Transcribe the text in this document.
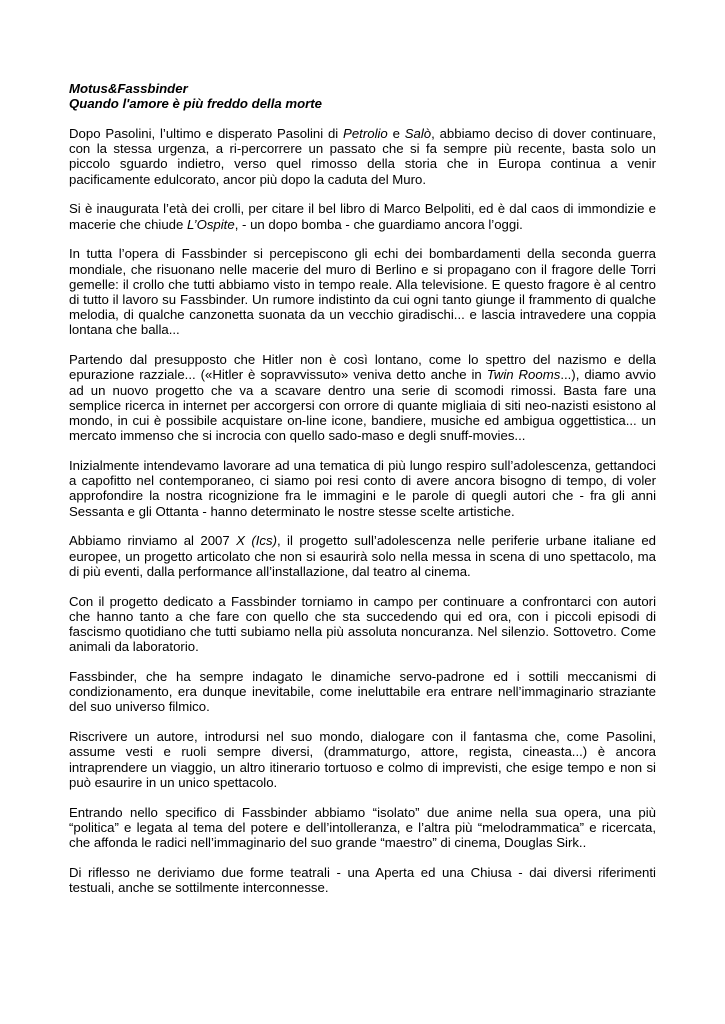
Motus&Fassbinder
Quando l'amore è più freddo della morte

Dopo Pasolini, l’ultimo e disperato Pasolini di Petrolio e Salò, abbiamo deciso di dover continuare, con la stessa urgenza, a ri-percorrere un passato che si fa sempre più recente, basta solo un piccolo sguardo indietro, verso quel rimosso della storia che in Europa continua a venir pacificamente edulcorato, ancor più dopo la caduta del Muro.

Si è inaugurata l’età dei crolli, per citare il bel libro di Marco Belpoliti, ed è dal caos di immondizie e macerie che chiude L’Ospite, - un dopo bomba - che guardiamo ancora l’oggi.

In tutta l’opera di Fassbinder si percepiscono gli echi dei bombardamenti della seconda guerra mondiale, che risuonano nelle macerie del muro di Berlino e si propagano con il fragore delle Torri gemelle: il crollo che tutti abbiamo visto in tempo reale. Alla televisione. E questo fragore è al centro di tutto il lavoro su Fassbinder. Un rumore indistinto da cui ogni tanto giunge il frammento di qualche melodia, di qualche canzonetta suonata da un vecchio giradischi... e lascia intravedere una coppia lontana che balla...

Partendo dal presupposto che Hitler non è così lontano, come lo spettro del nazismo e della epurazione razziale... («Hitler è sopravvissuto» veniva detto anche in Twin Rooms...), diamo avvio ad un nuovo progetto che va a scavare dentro una serie di scomodi rimossi. Basta fare una semplice ricerca in internet per accorgersi con orrore di quante migliaia di siti neo-nazisti esistono al mondo, in cui è possibile acquistare on-line icone, bandiere, musiche ed ambigua oggettistica... un mercato immenso che si incrocia con quello sado-maso e degli snuff-movies...

Inizialmente intendevamo lavorare ad una tematica di più lungo respiro sull’adolescenza, gettandoci a capofitto nel contemporaneo, ci siamo poi resi conto di avere ancora bisogno di tempo, di voler approfondire la nostra ricognizione fra le immagini e le parole di quegli autori che - fra gli anni Sessanta e gli Ottanta - hanno determinato le nostre stesse scelte artistiche.

Abbiamo rinviamo al 2007 X (Ics), il progetto sull’adolescenza nelle periferie urbane italiane ed europee, un progetto articolato che non si esaurirà solo nella messa in scena di uno spettacolo, ma di più eventi, dalla performance all’installazione, dal teatro al cinema.

Con il progetto dedicato a Fassbinder torniamo in campo per continuare a confrontarci con autori che hanno tanto a che fare con quello che sta succedendo qui ed ora, con i piccoli episodi di fascismo quotidiano che tutti subiamo nella più assoluta noncuranza. Nel silenzio. Sottovetro. Come animali da laboratorio.

Fassbinder, che ha sempre indagato le dinamiche servo-padrone ed i sottili meccanismi di condizionamento, era dunque inevitabile, come ineluttabile era entrare nell’immaginario straziante del suo universo filmico.

Riscrivere un autore, introdursi nel suo mondo, dialogare con il fantasma che, come Pasolini, assume vesti e ruoli sempre diversi, (drammaturgo, attore, regista, cineasta...) è ancora intraprendere un viaggio, un altro itinerario tortuoso e colmo di imprevisti, che esige tempo e non si può esaurire in un unico spettacolo.

Entrando nello specifico di Fassbinder abbiamo “isolato” due anime nella sua opera, una più “politica” e legata al tema del potere e dell’intolleranza, e l’altra più “melodrammatica” e ricercata, che affonda le radici nell’immaginario del suo grande “maestro” di cinema, Douglas Sirk..

Di riflesso ne deriviamo due forme teatrali - una Aperta ed una Chiusa - dai diversi riferimenti testuali, anche se sottilmente interconnesse.
